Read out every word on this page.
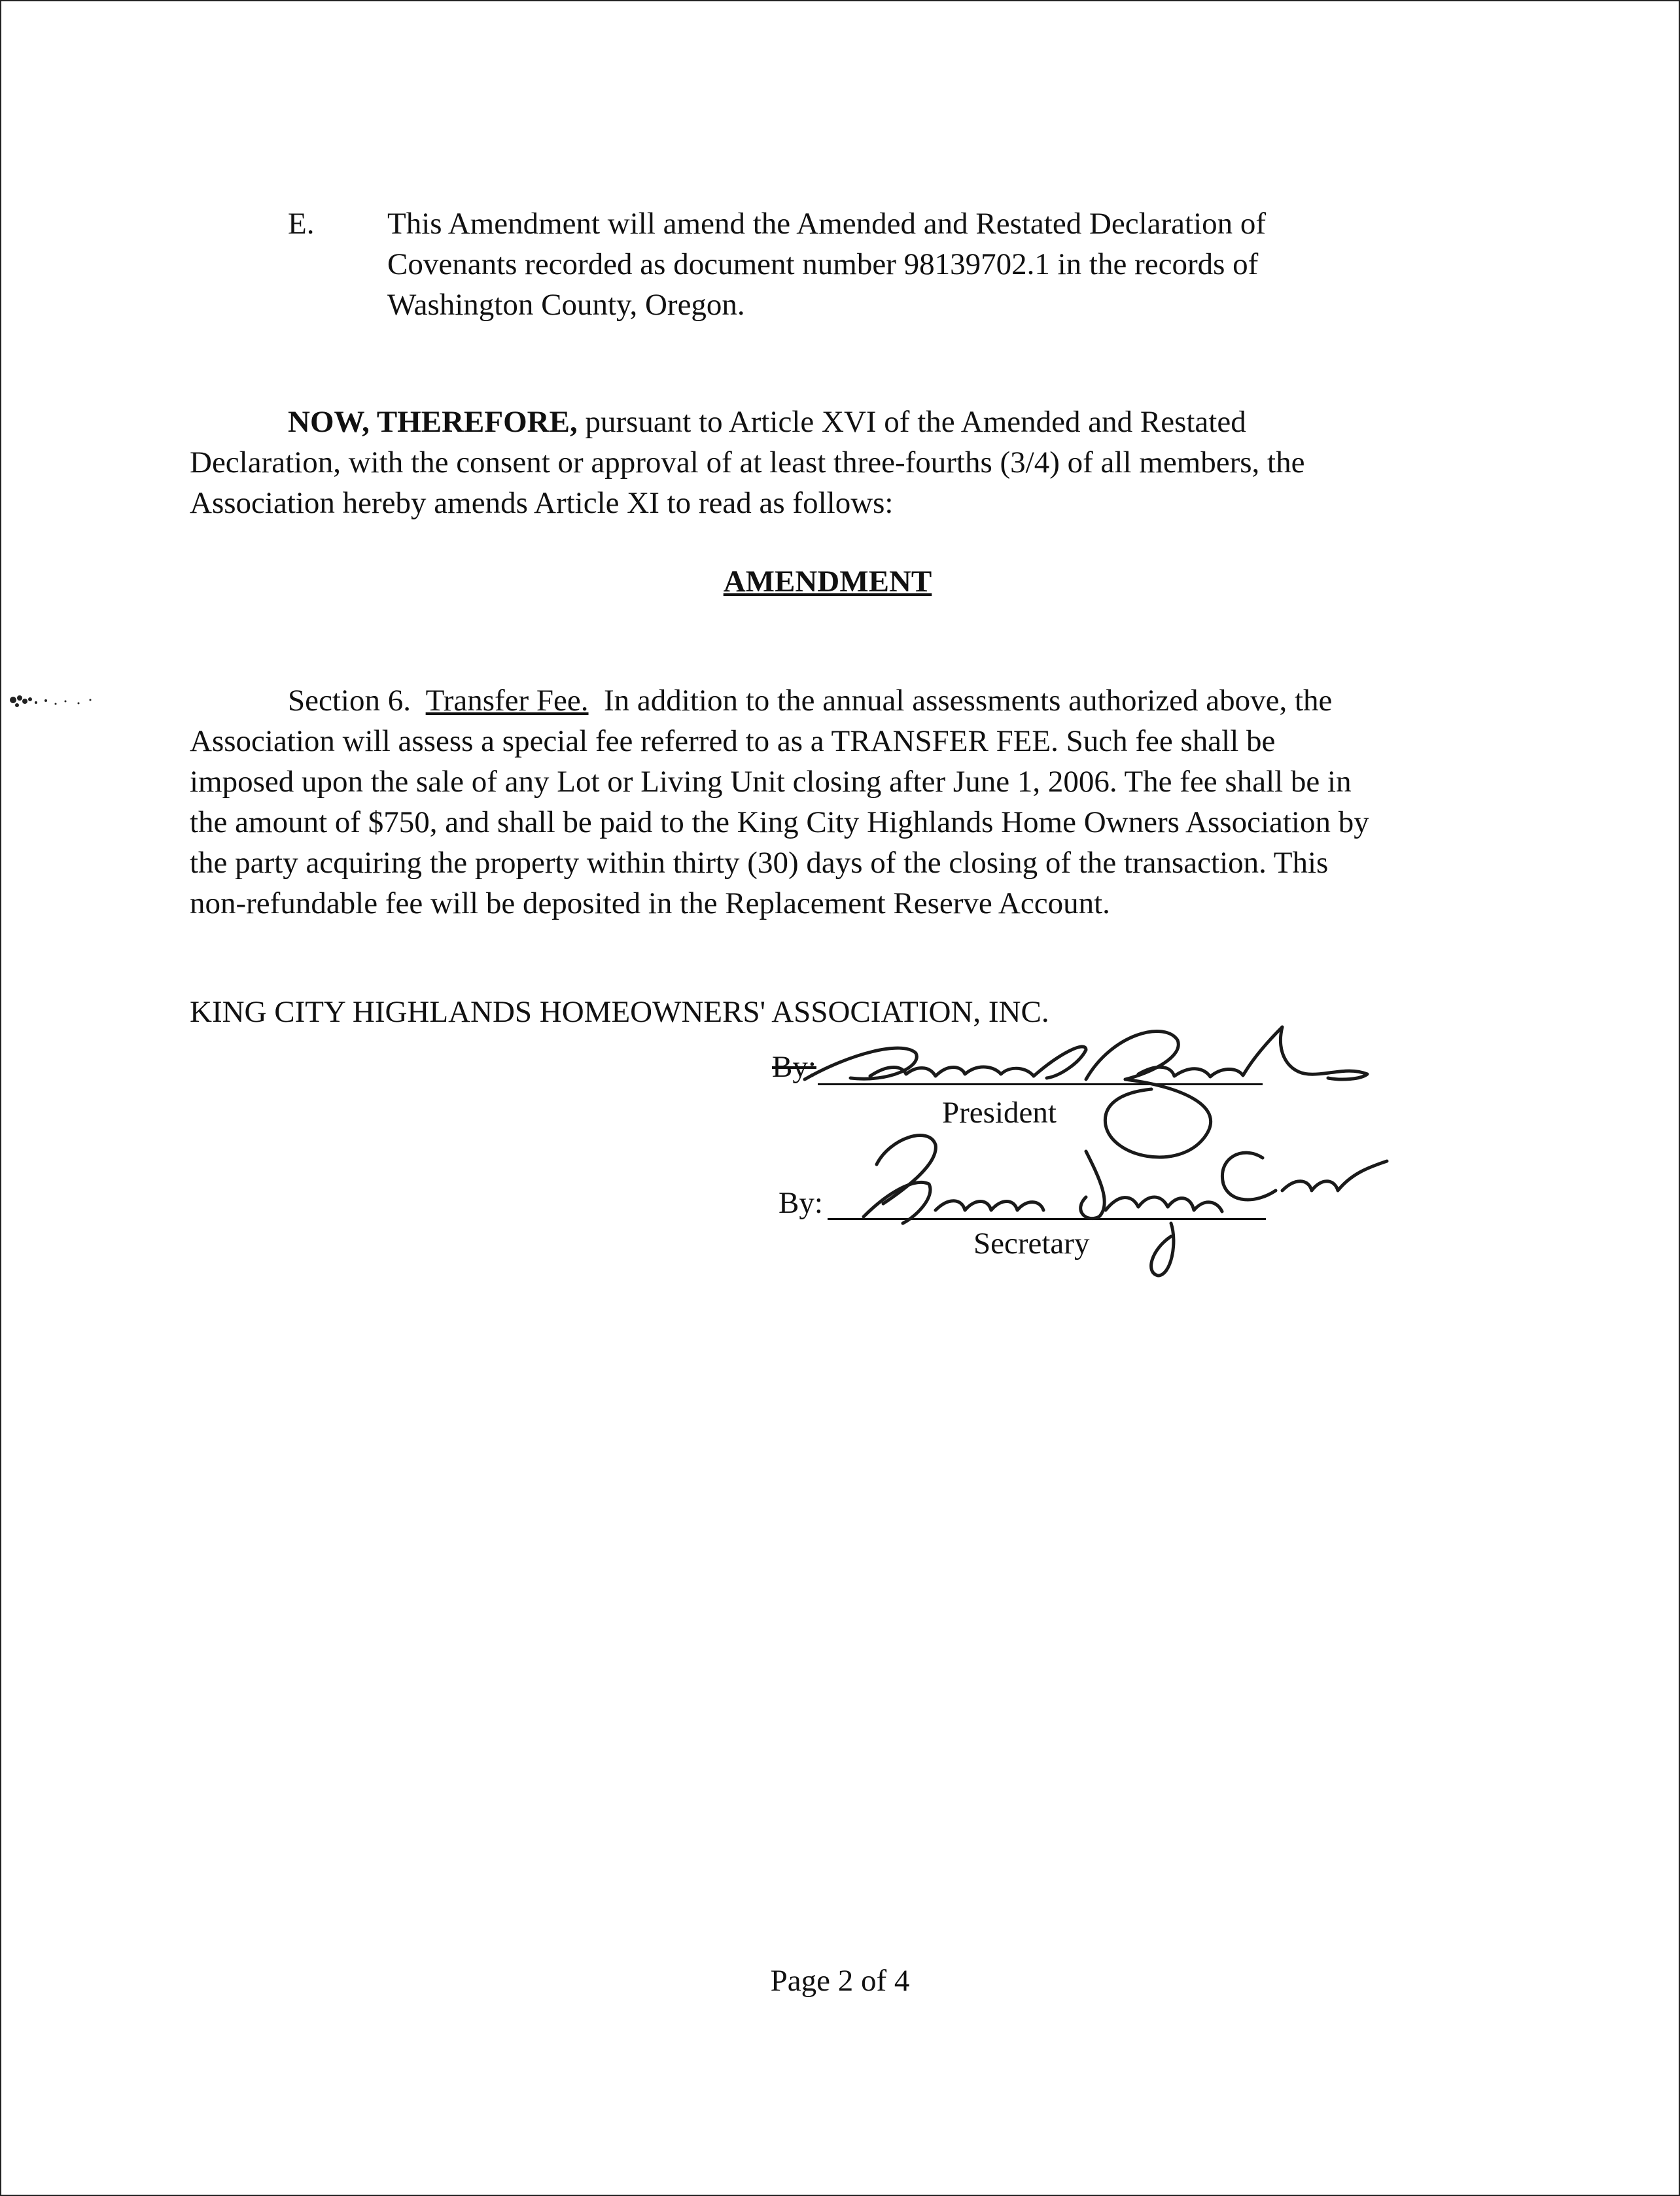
E. This Amendment will amend the Amended and Restated Declaration of
Covenants recorded as document number 98139702.1 in the records of
Washington County, Oregon.
NOW, THEREFORE, pursuant to Article XVI of the Amended and Restated
Declaration, with the consent or approval of at least three-fourths (3/4) of all members, the
Association hereby amends Article XI to read as follows:
AMENDMENT
Section 6. Transfer Fee. In addition to the annual assessments authorized above, the
Association will assess a special fee referred to as a TRANSFER FEE. Such fee shall be
imposed upon the sale of any Lot or Living Unit closing after June 1, 2006. The fee shall be in
the amount of $750, and shall be paid to the King City Highlands Home Owners Association by
the party acquiring the property within thirty (30) days of the closing of the transaction. This
non-refundable fee will be deposited in the Replacement Reserve Account.
KING CITY HIGHLANDS HOMEOWNERS' ASSOCIATION, INC.
By:
President
By:
Secretary
Page 2 of 4
